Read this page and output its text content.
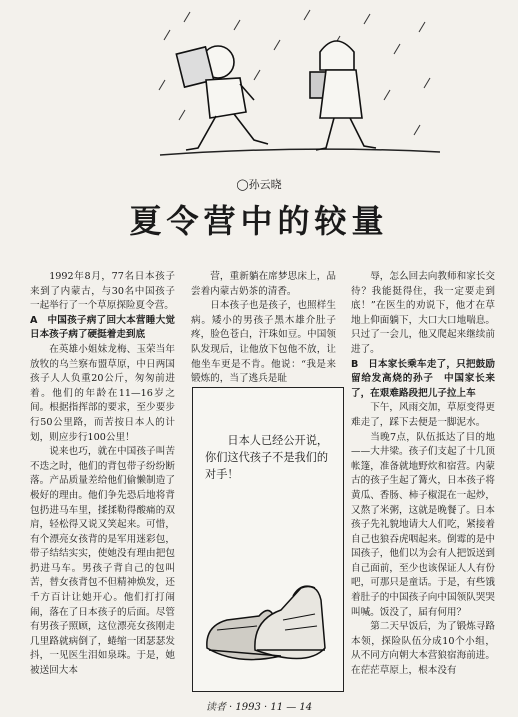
◯孙云晓
夏令营中的较量

1992年8月，77名日本孩子来到了内蒙古，与30名中国孩子一起举行了一个草原探险夏令营。

A　中国孩子病了回大本营睡大觉　日本孩子病了硬挺着走到底

在英雄小姐妹龙梅、玉荣当年放牧的乌兰察布盟草原，中日两国孩子人人负重20公斤，匆匆前进着。他们的年龄在11—16岁之间。根据指挥部的要求，至少要步行50公里路，而苦按日本人的计划，则应步行100公里！

说来也巧，就在中国孩子叫苦不迭之时，他们的背包带子纷纷断落。产品质量差给他们偷懒制造了极好的理由。他们争先恐后地将背包扔进马车里，揉揉勒得酸痛的双肩，轻松得又说又笑起来。可惜，有个漂亮女孩背的是军用迷彩包，带子结结实实，使她没有理由把包扔进马车。男孩子背自己的包叫苦，替女孩背包不但精神焕发，还千方百计让她开心。他们打打闹闹，落在了日本孩子的后面。尽管有男孩子照顾，这位漂亮女孩刚走几里路就病倒了，蜷缩一团瑟瑟发抖，一见医生泪如泉珠。于是，她被送回大本

营，重新躺在席梦思床上，品尝着内蒙古奶茶的清香。

日本孩子也是孩子，也照样生病。矮小的男孩子黑木雄介肚子疼，脸色苍白，汗珠如豆。中国领队发现后，让他放下包他不放，让他坐车更是不肯。他说：“我是来锻炼的，当了逃兵是耻

日本人已经公开说，你们这代孩子不是我们的对手！

辱，怎么回去向教师和家长交待？我能挺得住，我一定要走到底！”在医生的劝说下，他才在草地上仰面躺下，大口大口地喘息。只过了一会儿，他又爬起来继续前进了。

B　日本家长乘车走了，只把鼓励留给发高烧的孙子　中国家长来了，在艰难路段把儿子拉上车

下午，风雨交加，草原变得更难走了，踩下去便是一脚泥水。

当晚7点，队伍抵达了目的地——大井梁。孩子们支起了十几顶帐篷，准备就地野炊和宿营。内蒙古的孩子生起了篝火，日本孩子将黄瓜、香肠、柿子椒混在一起炒，又熬了米粥，这就是晚餐了。日本孩子先礼貌地请大人们吃，紧接着自己也狼吞虎咽起来。倒霉的是中国孩子，他们以为会有人把饭送到自己面前，至少也该保证人人有份吧，可那只是童话。于是，有些饿着肚子的中国孩子向中国领队哭哭叫喊。饭没了，届有何用？

第二天早饭后，为了锻炼寻路本领，探险队伍分成10个小组，从不同方向朝大本营狼宿海前进。在茫茫草原上，根本没有

读者 · 1993 · 11 — 14
